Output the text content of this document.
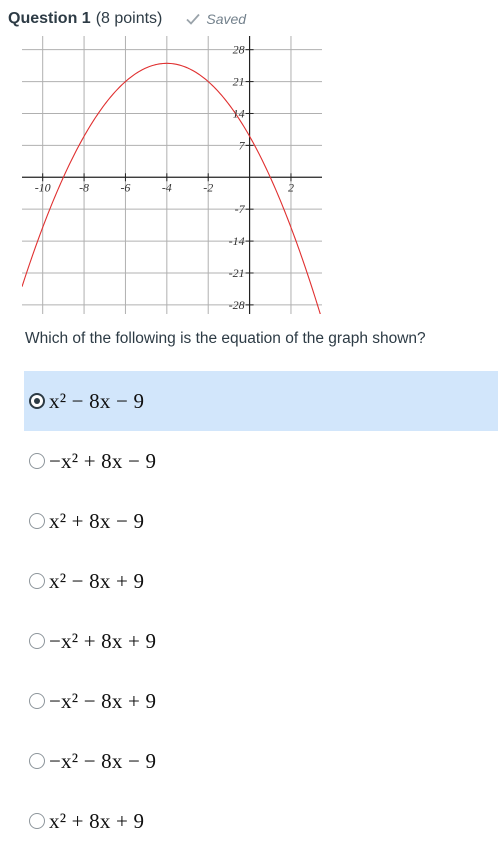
Question 1 (8 points)	Saved
-10 -8	-6	-4	-2	2
28
21
14
7
-7
-14
-21
-28
Which of the following is the equation of the graph shown?
x² − 8x − 9
−x² + 8x − 9
x² + 8x − 9
x² − 8x + 9
−x² + 8x + 9
−x² − 8x + 9
−x² − 8x − 9
x² + 8x + 9
